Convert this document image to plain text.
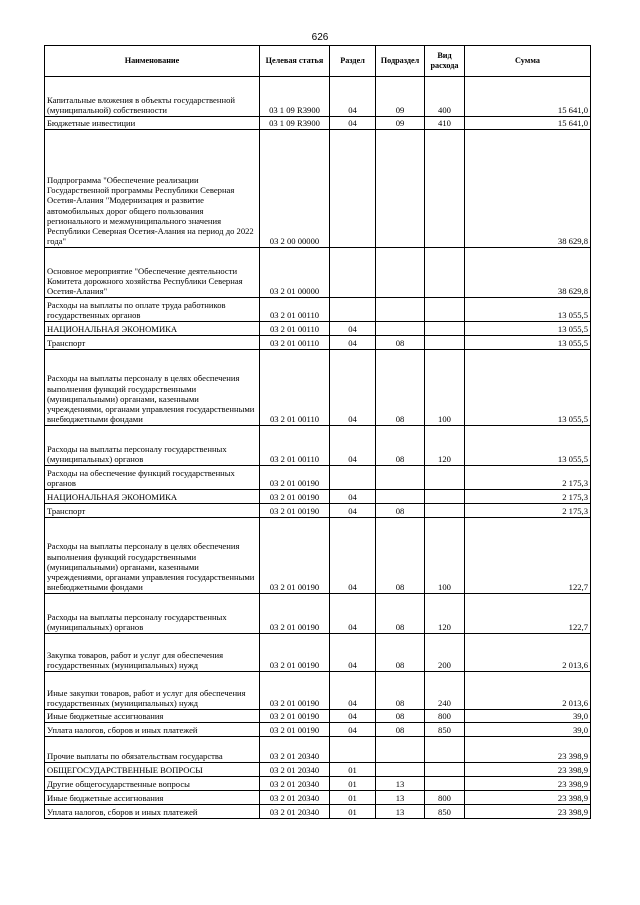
626
Наименование	Целевая статья	Раздел	Подраздел	Вид расхода	Сумма
Капитальные вложения в объекты государственной (муниципальной) собственности	03 1 09 R3900	04	09	400	15 641,0
Бюджетные инвестиции	03 1 09 R3900	04	09	410	15 641,0
Подпрограмма "Обеспечение реализации Государственной программы Республики Северная Осетия-Алания "Модернизация и развитие автомобильных дорог общего пользования регионального и межмуниципального значения Республики Северная Осетия-Алания на период до 2022 года"	03 2 00 00000				38 629,8
Основное мероприятие "Обеспечение деятельности Комитета дорожного хозяйства Республики Северная Осетия-Алания"	03 2 01 00000				38 629,8
Расходы на выплаты по оплате труда работников государственных органов	03 2 01 00110				13 055,5
НАЦИОНАЛЬНАЯ ЭКОНОМИКА	03 2 01 00110	04			13 055,5
Транспорт	03 2 01 00110	04	08		13 055,5
Расходы на выплаты персоналу в целях обеспечения выполнения функций государственными (муниципальными) органами, казенными учреждениями, органами управления государственными внебюджетными фондами	03 2 01 00110	04	08	100	13 055,5
Расходы на выплаты персоналу государственных (муниципальных) органов	03 2 01 00110	04	08	120	13 055,5
Расходы на обеспечение функций государственных органов	03 2 01 00190				2 175,3
НАЦИОНАЛЬНАЯ ЭКОНОМИКА	03 2 01 00190	04			2 175,3
Транспорт	03 2 01 00190	04	08		2 175,3
Расходы на выплаты персоналу в целях обеспечения выполнения функций государственными (муниципальными) органами, казенными учреждениями, органами управления государственными внебюджетными фондами	03 2 01 00190	04	08	100	122,7
Расходы на выплаты персоналу государственных (муниципальных) органов	03 2 01 00190	04	08	120	122,7
Закупка товаров, работ и услуг для обеспечения государственных (муниципальных) нужд	03 2 01 00190	04	08	200	2 013,6
Иные закупки товаров, работ и услуг для обеспечения государственных (муниципальных) нужд	03 2 01 00190	04	08	240	2 013,6
Иные бюджетные ассигнования	03 2 01 00190	04	08	800	39,0
Уплата налогов, сборов и иных платежей	03 2 01 00190	04	08	850	39,0
Прочие выплаты по обязательствам государства	03 2 01 20340				23 398,9
ОБЩЕГОСУДАРСТВЕННЫЕ ВОПРОСЫ	03 2 01 20340	01			23 398,9
Другие общегосударственные вопросы	03 2 01 20340	01	13		23 398,9
Иные бюджетные ассигнования	03 2 01 20340	01	13	800	23 398,9
Уплата налогов, сборов и иных платежей	03 2 01 20340	01	13	850	23 398,9
